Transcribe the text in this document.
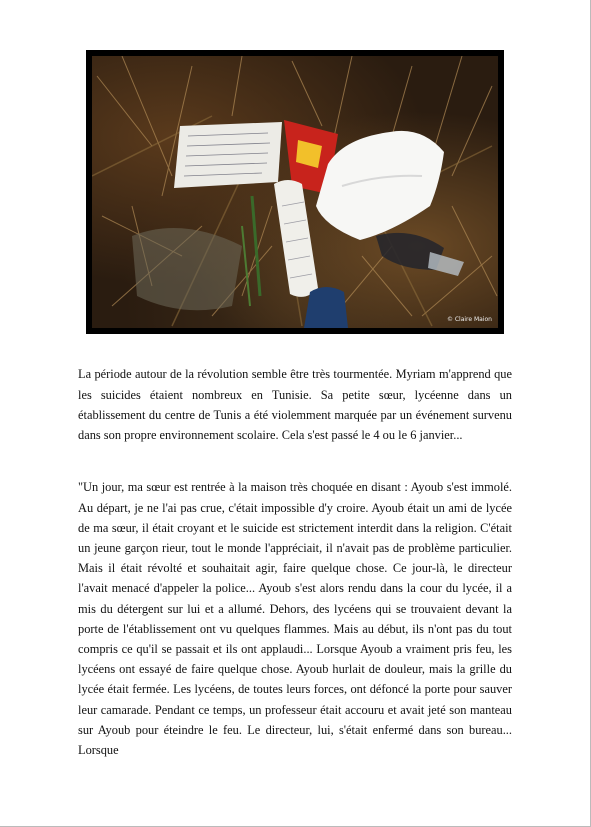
© Claire Maion

La période autour de la révolution semble être très tourmentée. Myriam m'apprend que les suicides étaient nombreux en Tunisie. Sa petite sœur, lycéenne dans un établissement du centre de Tunis a été violemment marquée par un événement survenu dans son propre environnement scolaire. Cela s'est passé le 4 ou le 6 janvier...

"Un jour, ma sœur est rentrée à la maison très choquée en disant : Ayoub s'est immolé. Au départ, je ne l'ai pas crue, c'était impossible d'y croire. Ayoub était un ami de lycée de ma sœur, il était croyant et le suicide est strictement interdit dans la religion. C'était un jeune garçon rieur, tout le monde l'appréciait, il n'avait pas de problème particulier. Mais il était révolté et souhaitait agir, faire quelque chose. Ce jour-là, le directeur l'avait menacé d'appeler la police... Ayoub s'est alors rendu dans la cour du lycée, il a mis du détergent sur lui et a allumé. Dehors, des lycéens qui se trouvaient devant la porte de l'établissement ont vu quelques flammes. Mais au début, ils n'ont pas du tout compris ce qu'il se passait et ils ont applaudi... Lorsque Ayoub a vraiment pris feu, les lycéens ont essayé de faire quelque chose. Ayoub hurlait de douleur, mais la grille du lycée était fermée. Les lycéens, de toutes leurs forces, ont défoncé la porte pour sauver leur camarade. Pendant ce temps, un professeur était accouru et avait jeté son manteau sur Ayoub pour éteindre le feu. Le directeur, lui, s'était enfermé dans son bureau... Lorsque
